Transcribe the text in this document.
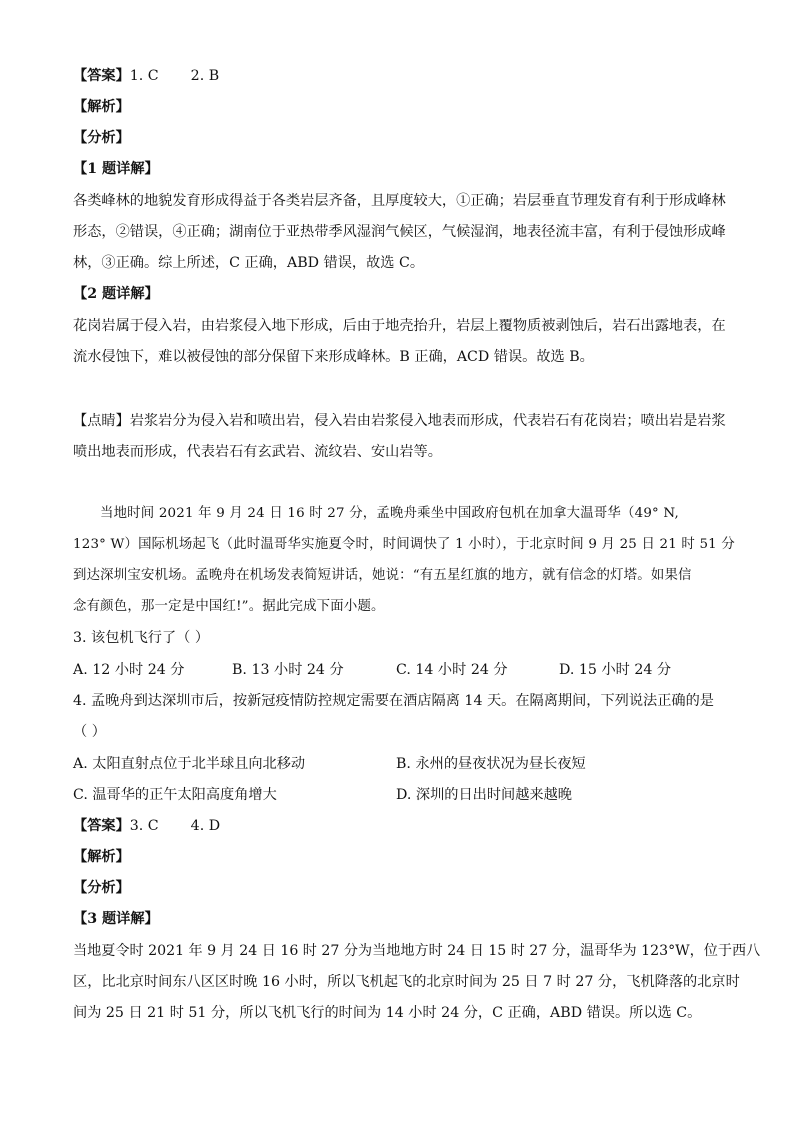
【答案】1. C 2. B
【解析】
【分析】
【1 题详解】
各类峰林的地貌发育形成得益于各类岩层齐备，且厚度较大，①正确；岩层垂直节理发育有利于形成峰林
形态，②错误，④正确；湖南位于亚热带季风湿润气候区，气候湿润，地表径流丰富，有利于侵蚀形成峰
林，③正确。综上所述，C 正确，ABD 错误，故选 C。
【2 题详解】
花岗岩属于侵入岩，由岩浆侵入地下形成，后由于地壳抬升，岩层上覆物质被剥蚀后，岩石出露地表，在
流水侵蚀下，难以被侵蚀的部分保留下来形成峰林。B 正确，ACD 错误。故选 B。
【点睛】岩浆岩分为侵入岩和喷出岩，侵入岩由岩浆侵入地表而形成，代表岩石有花岗岩；喷出岩是岩浆
喷出地表而形成，代表岩石有玄武岩、流纹岩、安山岩等。
当地时间 2021 年 9 月 24 日 16 时 27 分，孟晚舟乘坐中国政府包机在加拿大温哥华（49° N,
123° W）国际机场起飞（此时温哥华实施夏令时，时间调快了 1 小时），于北京时间 9 月 25 日 21 时 51 分
到达深圳宝安机场。孟晚舟在机场发表简短讲话，她说：“有五星红旗的地方，就有信念的灯塔。如果信
念有颜色，那一定是中国红!”。据此完成下面小题。
3. 该包机飞行了（ ）
A. 12 小时 24 分	B. 13 小时 24 分	C. 14 小时 24 分	D. 15 小时 24 分
4. 孟晚舟到达深圳市后，按新冠疫情防控规定需要在酒店隔离 14 天。在隔离期间，下列说法正确的是
（ ）
A. 太阳直射点位于北半球且向北移动	B. 永州的昼夜状况为昼长夜短
C. 温哥华的正午太阳高度角增大	D. 深圳的日出时间越来越晚
【答案】3. C 4. D
【解析】
【分析】
【3 题详解】
当地夏令时 2021 年 9 月 24 日 16 时 27 分为当地地方时 24 日 15 时 27 分，温哥华为 123°W，位于西八
区，比北京时间东八区区时晚 16 小时，所以飞机起飞的北京时间为 25 日 7 时 27 分，飞机降落的北京时
间为 25 日 21 时 51 分，所以飞机飞行的时间为 14 小时 24 分，C 正确，ABD 错误。所以选 C。
